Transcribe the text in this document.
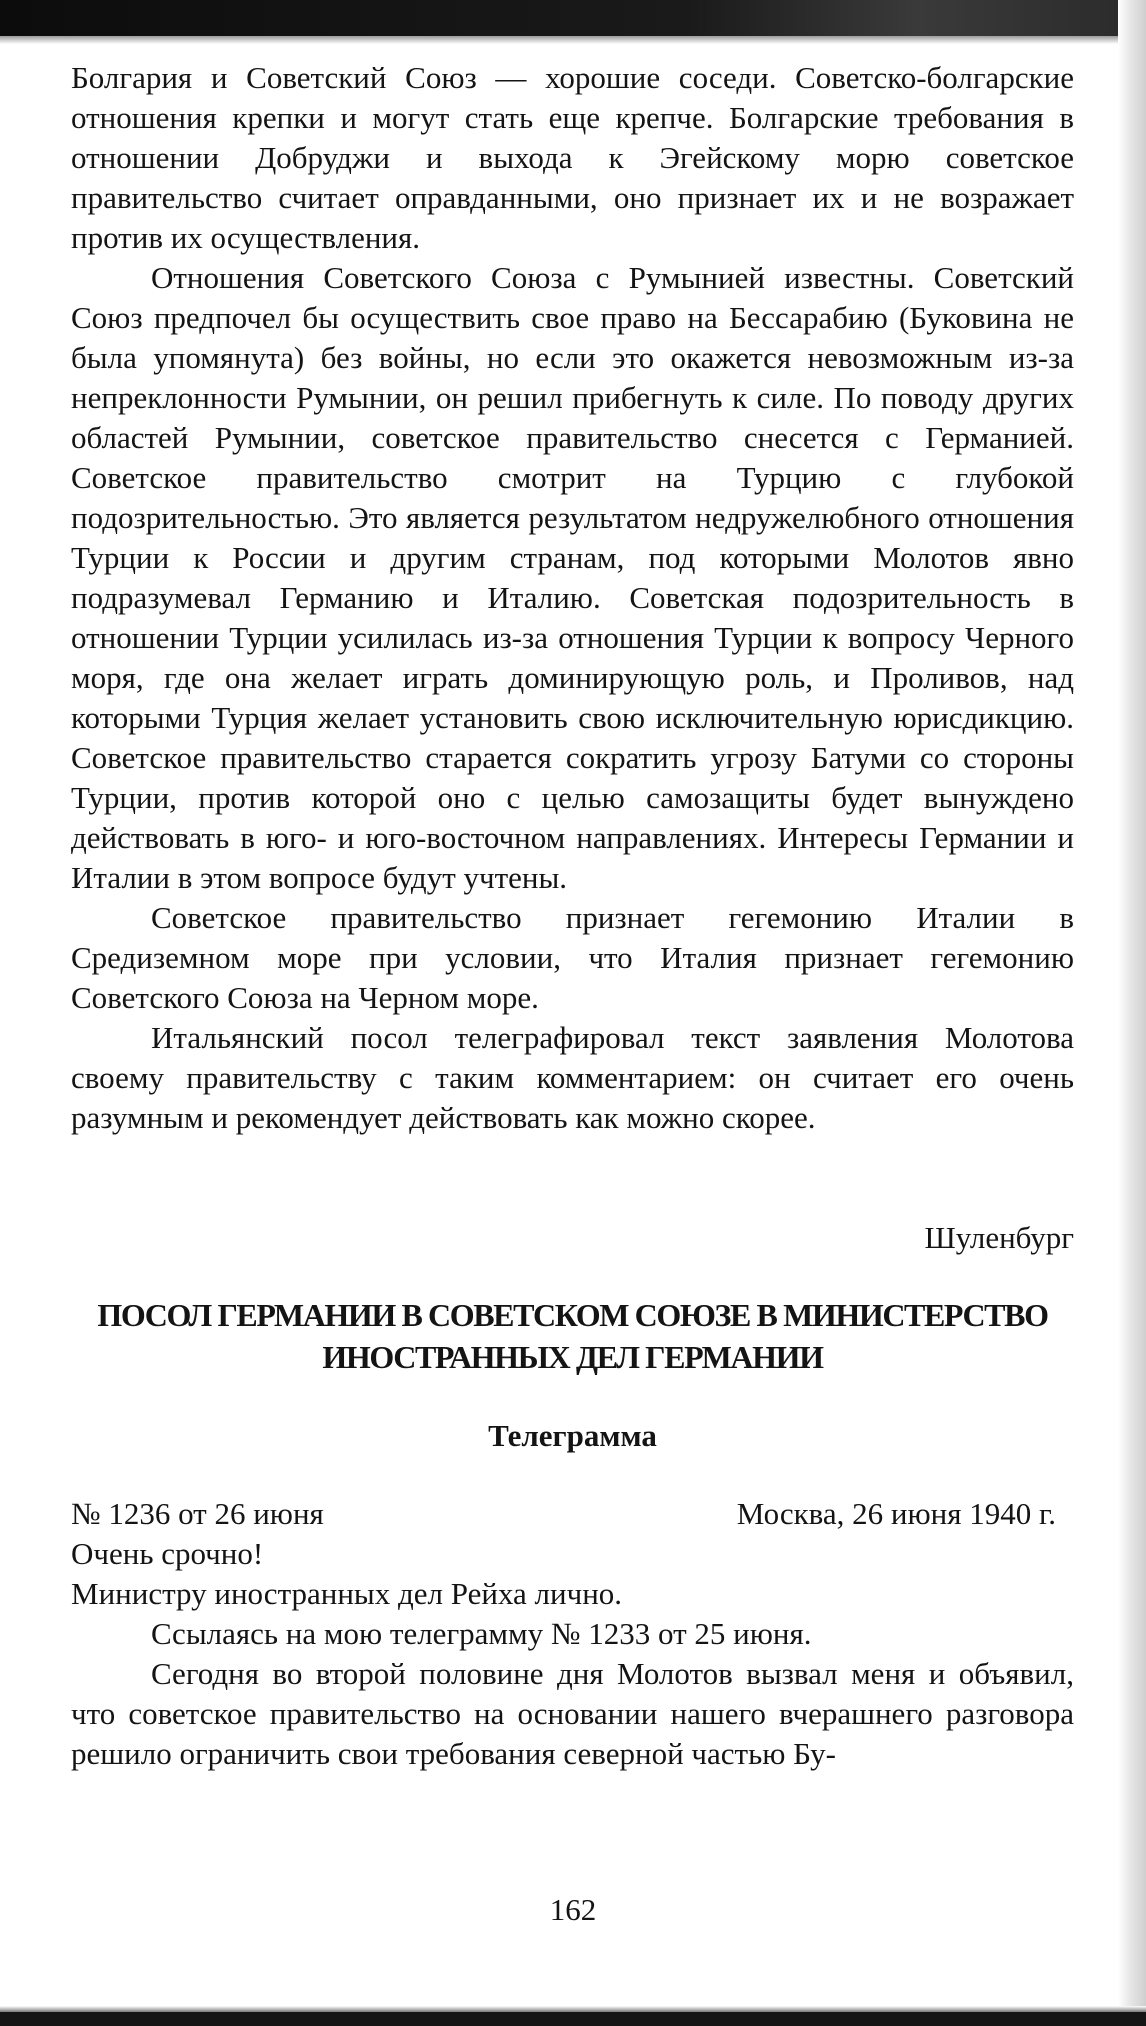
Болгария и Советский Союз — хорошие соседи. Советско-болгарские отношения крепки и могут стать еще крепче. Болгарские требования в отношении Добруджи и выхода к Эгейскому морю советское правительство считает оправданными, оно признает их и не возражает против их осуществления.

Отношения Советского Союза с Румынией известны. Советский Союз предпочел бы осуществить свое право на Бессарабию (Буковина не была упомянута) без войны, но если это окажется невозможным из-за непреклонности Румынии, он решил прибегнуть к силе. По поводу других областей Румынии, советское правительство снесется с Германией. Советское правительство смотрит на Турцию с глубокой подозрительностью. Это является результатом недружелюбного отношения Турции к России и другим странам, под которыми Молотов явно подразумевал Германию и Италию. Советская подозрительность в отношении Турции усилилась из-за отношения Турции к вопросу Черного моря, где она желает играть доминирующую роль, и Проливов, над которыми Турция желает установить свою исключительную юрисдикцию. Советское правительство старается сократить угрозу Батуми со стороны Турции, против которой оно с целью самозащиты будет вынуждено действовать в юго- и юго-восточном направлениях. Интересы Германии и Италии в этом вопросе будут учтены.

Советское правительство признает гегемонию Италии в Средиземном море при условии, что Италия признает гегемонию Советского Союза на Черном море.

Итальянский посол телеграфировал текст заявления Молотова своему правительству с таким комментарием: он считает его очень разумным и рекомендует действовать как можно скорее.

Шуленбург
ПОСОЛ ГЕРМАНИИ В СОВЕТСКОМ СОЮЗЕ В МИНИСТЕРСТВО
ИНОСТРАННЫХ ДЕЛ ГЕРМАНИИ
Телеграмма
№ 1236 от 26 июня	Москва, 26 июня 1940 г.

Очень срочно!

Министру иностранных дел Рейха лично.

Ссылаясь на мою телеграмму № 1233 от 25 июня.

Сегодня во второй половине дня Молотов вызвал меня и объявил, что советское правительство на основании нашего вчерашнего разговора решило ограничить свои требования северной частью Бу-

162
